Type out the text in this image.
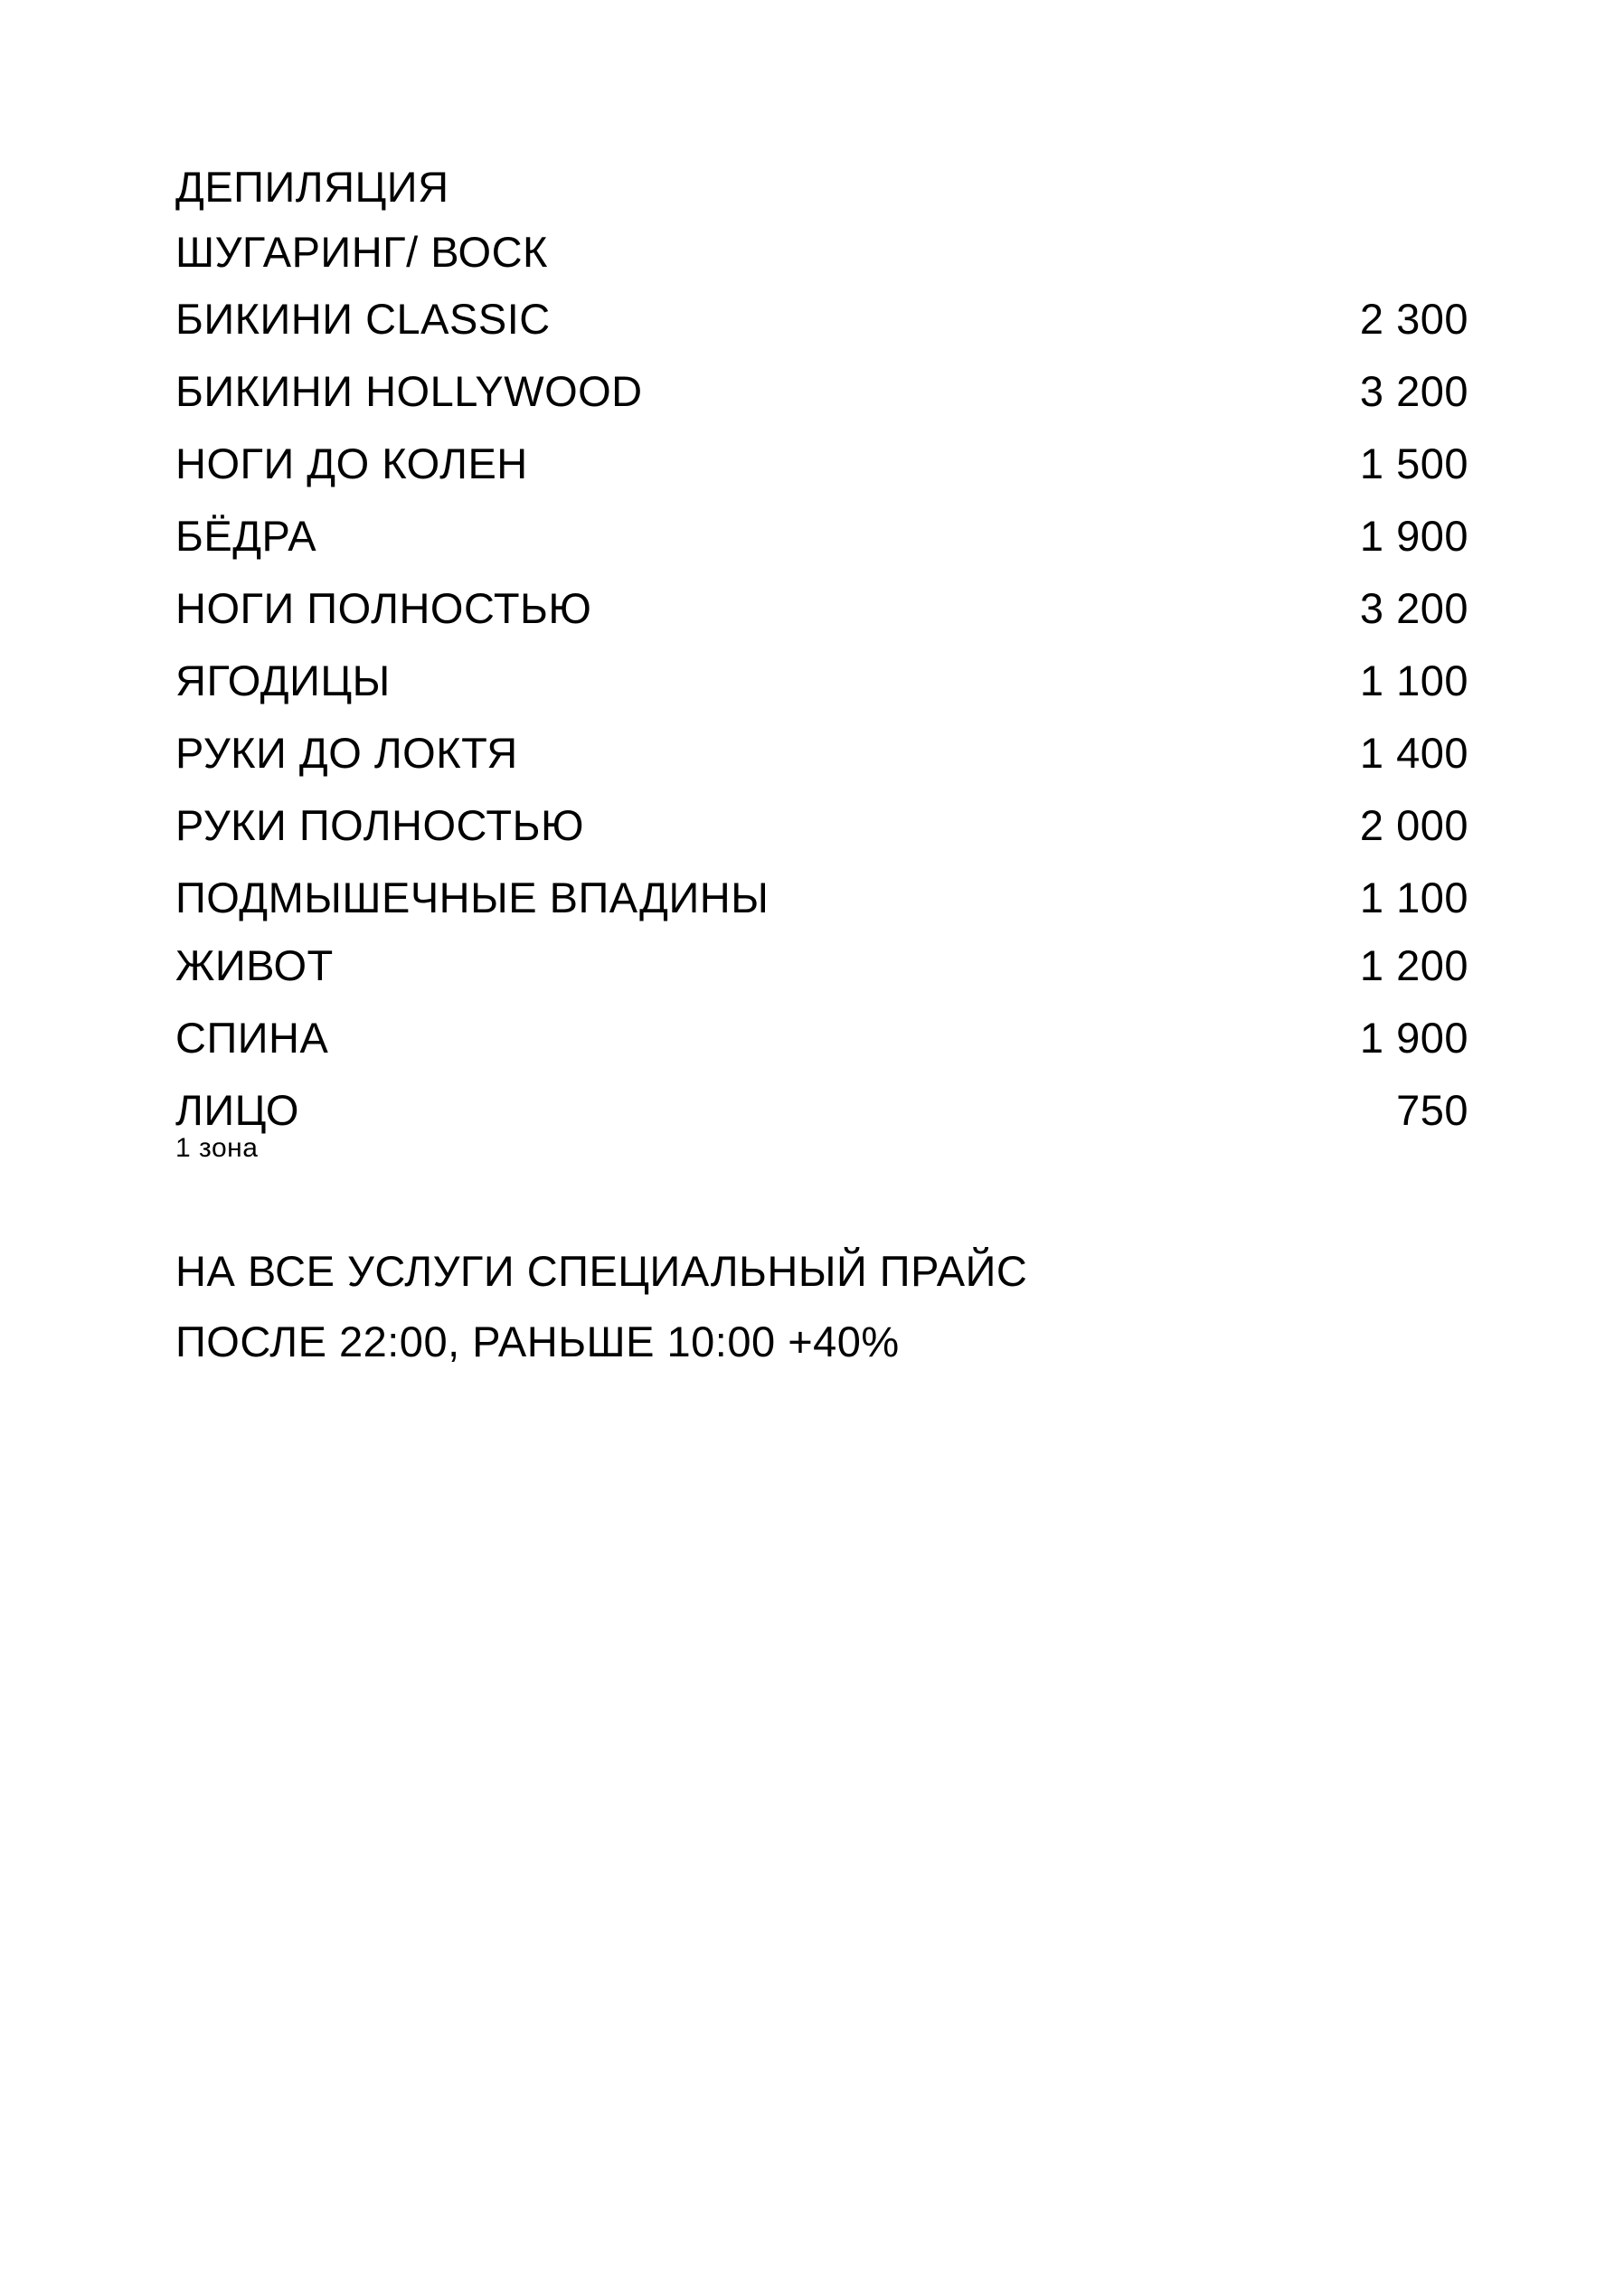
ДЕПИЛЯЦИЯ
ШУГАРИНГ/ ВОСК
БИКИНИ CLASSIC	2 300
БИКИНИ HOLLYWOOD	3 200
НОГИ ДО КОЛЕН	1 500
БЁДРА	1 900
НОГИ ПОЛНОСТЬЮ	3 200
ЯГОДИЦЫ	1 100
РУКИ ДО ЛОКТЯ	1 400
РУКИ ПОЛНОСТЬЮ	2 000
ПОДМЫШЕЧНЫЕ ВПАДИНЫ	1 100
ЖИВОТ	1 200
СПИНА	1 900
ЛИЦО	750
1 зона
НА ВСЕ УСЛУГИ СПЕЦИАЛЬНЫЙ ПРАЙС
ПОСЛЕ 22:00, РАНЬШЕ 10:00 +40%
